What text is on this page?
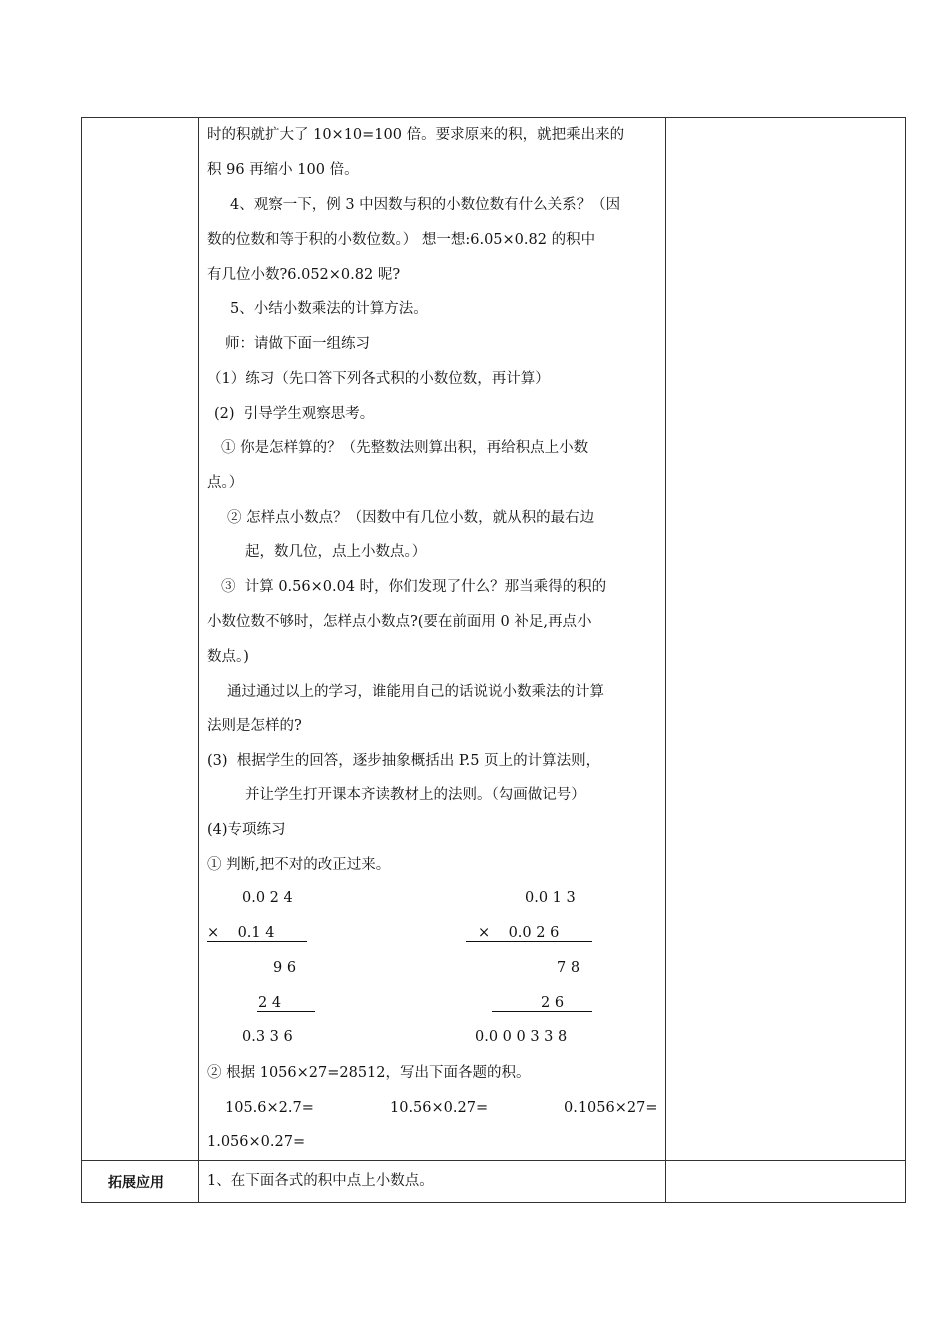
时的积就扩大了 10×10=100 倍。要求原来的积，就把乘出来的
积 96 再缩小 100 倍。
4、观察一下，例 3 中因数与积的小数位数有什么关系？（因
数的位数和等于积的小数位数。） 想一想:6.05×0.82 的积中
有几位小数?6.052×0.82 呢?
5、小结小数乘法的计算方法。
师：请做下面一组练习
（1）练习（先口答下列各式积的小数位数，再计算）
(2)  引导学生观察思考。
① 你是怎样算的？（先整数法则算出积，再给积点上小数
点。）
② 怎样点小数点？（因数中有几位小数，就从积的最右边
起，数几位，点上小数点。）
③  计算 0.56×0.04 时，你们发现了什么？那当乘得的积的
小数位数不够时，怎样点小数点?(要在前面用 0 补足,再点小
数点。)
通过通过以上的学习，谁能用自己的话说说小数乘法的计算
法则是怎样的?
(3)  根据学生的回答，逐步抽象概括出 P.5 页上的计算法则，
并让学生打开课本齐读教材上的法则。（勾画做记号）
(4)专项练习
① 判断,把不对的改正过来。
0.0 2 4
×    0.1 4
9 6
2 4
0.3 3 6
0.0 1 3
×    0.0 2 6
7 8
2 6
0.0 0 0 3 3 8
② 根据 1056×27=28512，写出下面各题的积。
105.6×2.7=	10.56×0.27=	0.1056×27=
1.056×0.27=
拓展应用	1、在下面各式的积中点上小数点。
